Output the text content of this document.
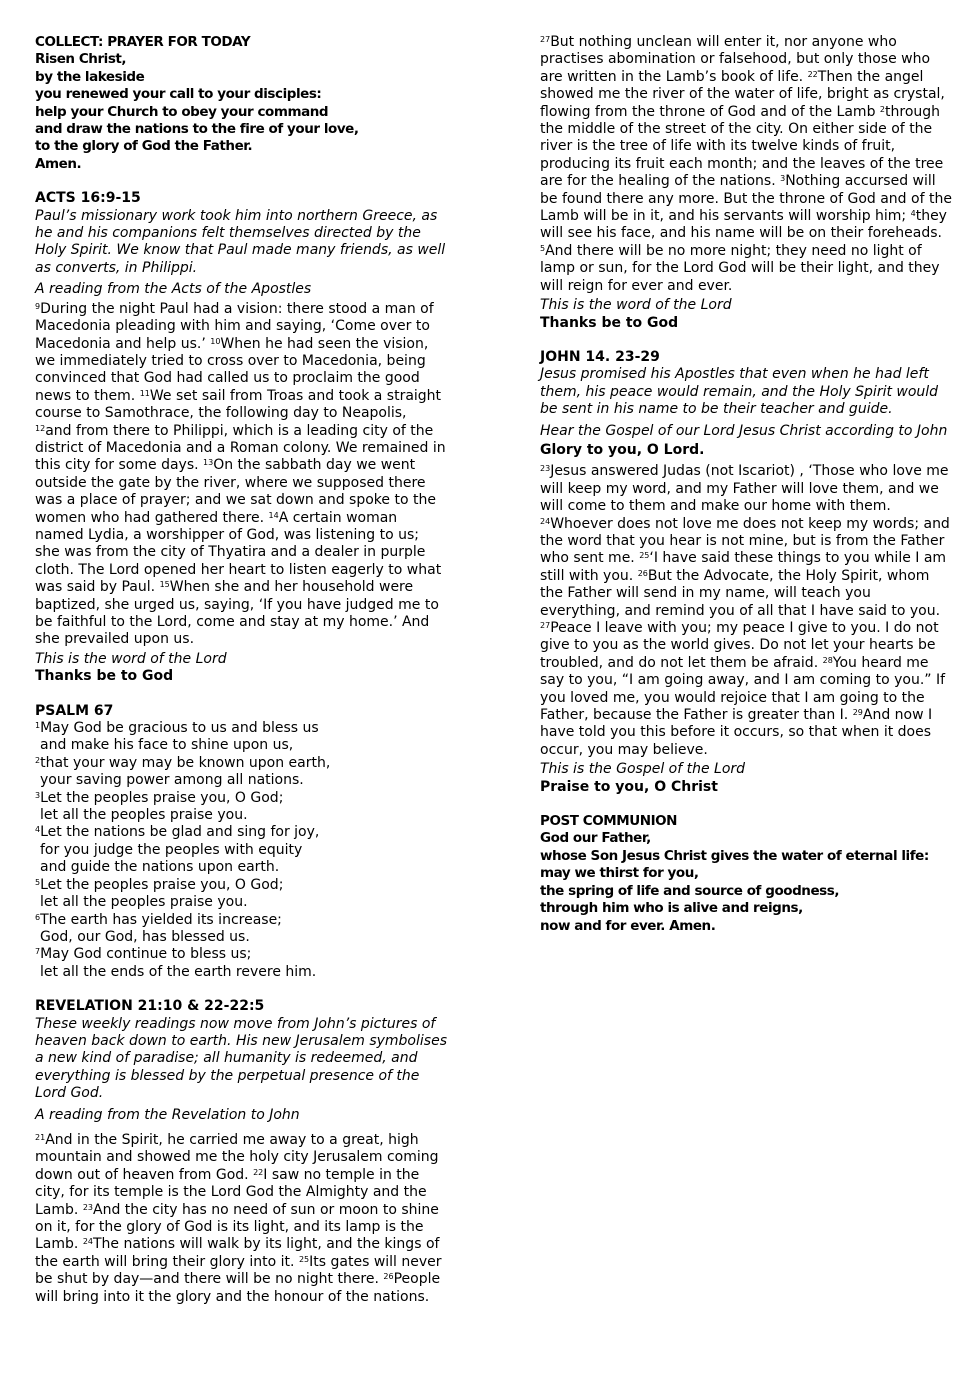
COLLECT: PRAYER FOR TODAY

Risen Christ,

by the lakeside

you renewed your call to your disciples:

help your Church to obey your command

and draw the nations to the fire of your love,

to the glory of God the Father.

Amen.

ACTS 16:9-15

Paul’s missionary work took him into northern Greece, as he and his companions felt themselves directed by the Holy Spirit. We know that Paul made many friends, as well as converts, in Philippi.

A reading from the Acts of the Apostles

$^9$During the night Paul had a vision: there stood a man of Macedonia pleading with him and saying, ‘Come over to Macedonia and help us.’ $^{10}$When he had seen the vision, we immediately tried to cross over to Macedonia, being convinced that God had called us to proclaim the good news to them. $^{11}$We set sail from Troas and took a straight course to Samothrace, the following day to Neapolis, $^{12}$and from there to Philippi, which is a leading city of the district of Macedonia and a Roman colony. We remained in this city for some days. $^{13}$On the sabbath day we went outside the gate by the river, where we supposed there was a place of prayer; and we sat down and spoke to the women who had gathered there. $^{14}$A certain woman named Lydia, a worshipper of God, was listening to us; she was from the city of Thyatira and a dealer in purple cloth. The Lord opened her heart to listen eagerly to what was said by Paul. $^{15}$When she and her household were baptized, she urged us, saying, ‘If you have judged me to be faithful to the Lord, come and stay at my home.’ And she prevailed upon us.

This is the word of the Lord

Thanks be to God

PSALM 67

$^1$May God be gracious to us and bless us

and make his face to shine upon us,

$^2$that your way may be known upon earth,

your saving power among all nations.

$^3$Let the peoples praise you, O God;

let all the peoples praise you.

$^4$Let the nations be glad and sing for joy,

for you judge the peoples with equity

and guide the nations upon earth.

$^5$Let the peoples praise you, O God;

let all the peoples praise you.

$^6$The earth has yielded its increase;

God, our God, has blessed us.

$^7$May God continue to bless us;

let all the ends of the earth revere him.

REVELATION 21:10 & 22-22:5

These weekly readings now move from John’s pictures of heaven back down to earth. His new Jerusalem symbolises a new kind of paradise; all humanity is redeemed, and everything is blessed by the perpetual presence of the Lord God.

A reading from the Revelation to John

$^{21}$And in the Spirit, he carried me away to a great, high mountain and showed me the holy city Jerusalem coming down out of heaven from God. $^{22}$I saw no temple in the city, for its temple is the Lord God the Almighty and the Lamb. $^{23}$And the city has no need of sun or moon to shine on it, for the glory of God is its light, and its lamp is the Lamb. $^{24}$The nations will walk by its light, and the kings of the earth will bring their glory into it. $^{25}$Its gates will never be shut by day—and there will be no night there. $^{26}$People will bring into it the glory and the honour of the nations.

$^{27}$But nothing unclean will enter it, nor anyone who practises abomination or falsehood, but only those who are written in the Lamb’s book of life. $^{22}$Then the angel showed me the river of the water of life, bright as crystal, flowing from the throne of God and of the Lamb $^2$through the middle of the street of the city. On either side of the river is the tree of life with its twelve kinds of fruit, producing its fruit each month; and the leaves of the tree are for the healing of the nations. $^3$Nothing accursed will be found there any more. But the throne of God and of the Lamb will be in it, and his servants will worship him; $^4$they will see his face, and his name will be on their foreheads. $^5$And there will be no more night; they need no light of lamp or sun, for the Lord God will be their light, and they will reign for ever and ever.

This is the word of the Lord

Thanks be to God

JOHN 14. 23-29

Jesus promised his Apostles that even when he had left them, his peace would remain, and the Holy Spirit would be sent in his name to be their teacher and guide.

Hear the Gospel of our Lord Jesus Christ according to John

Glory to you, O Lord.

$^{23}$Jesus answered Judas (not Iscariot) , ‘Those who love me will keep my word, and my Father will love them, and we will come to them and make our home with them. $^{24}$Whoever does not love me does not keep my words; and the word that you hear is not mine, but is from the Father who sent me. $^{25}$‘I have said these things to you while I am still with you. $^{26}$But the Advocate, the Holy Spirit, whom the Father will send in my name, will teach you everything, and remind you of all that I have said to you. $^{27}$Peace I leave with you; my peace I give to you. I do not give to you as the world gives. Do not let your hearts be troubled, and do not let them be afraid. $^{28}$You heard me say to you, “I am going away, and I am coming to you.” If you loved me, you would rejoice that I am going to the Father, because the Father is greater than I. $^{29}$And now I have told you this before it occurs, so that when it does occur, you may believe.

This is the Gospel of the Lord

Praise to you, O Christ

POST COMMUNION

God our Father,

whose Son Jesus Christ gives the water of eternal life:

may we thirst for you,

the spring of life and source of goodness,

through him who is alive and reigns,

now and for ever. Amen.
